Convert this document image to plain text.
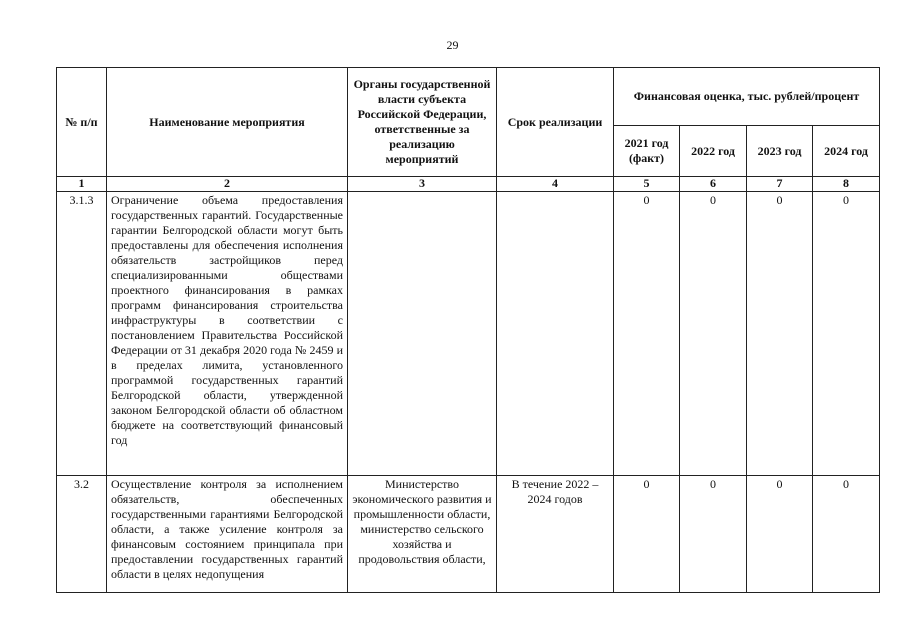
29
№ п/п	Наименование мероприятия	Органы государственной власти субъекта Российской Федерации, ответственные за реализацию мероприятий	Срок реализации	Финансовая оценка, тыс. рублей/процент			
				2021 год (факт)	2022 год	2023 год	2024 год
1	2	3	4	5	6	7	8
3.1.3	Ограничение объема предоставления государственных гарантий. Государственные гарантии Белгородской области могут быть предоставлены для обеспечения исполнения обязательств застройщиков перед специализированными обществами проектного финансирования в рамках программ финансирования строительства инфраструктуры в соответствии с постановлением Правительства Российской Федерации от 31 декабря 2020 года № 2459 и в пределах лимита, установленного программой государственных гарантий Белгородской области, утвержденной законом Белгородской области об областном бюджете на соответствующий финансовый год			0	0	0	0
3.2	Осуществление контроля за исполнением обязательств, обеспеченных государственными гарантиями Белгородской области, а также усиление контроля за финансовым состоянием принципала при предоставлении государственных гарантий области в целях недопущения	Министерство экономического развития и промышленности области, министерство сельского хозяйства и продовольствия области,	В течение 2022 – 2024 годов	0	0	0	0
